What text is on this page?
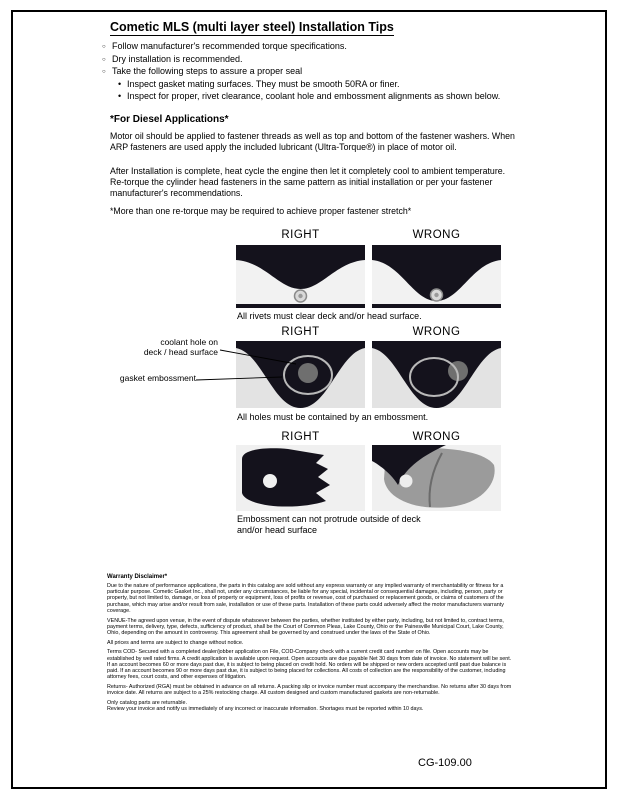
Cometic MLS (multi layer steel) Installation Tips
○ Follow manufacturer's recommended torque specifications.
○ Dry installation is recommended.
○ Take the following steps to assure a proper seal
• Inspect gasket mating surfaces. They must be smooth 50RA or finer.
• Inspect for proper, rivet clearance, coolant hole and embossment alignments as shown below.
*For Diesel Applications*
Motor oil should be applied to fastener threads as well as top and bottom of the fastener washers. When ARP fasteners are used apply the included lubricant (Ultra-Torque®) in place of motor oil.
After Installation is complete, heat cycle the engine then let it completely cool to ambient temperature. Re-torque the cylinder head fasteners in the same pattern as initial installation or per your fastener manufacturer's recommendations.
*More than one re-torque may be required to achieve proper fastener stretch*
RIGHT	WRONG
All rivets must clear deck and/or head surface.
RIGHT	WRONG
coolant hole on
deck / head surface
gasket embossment
All holes must be contained by an embossment.
RIGHT	WRONG
Embossment can not protrude outside of deck
and/or head surface
Warranty Disclaimer*
Due to the nature of performance applications, the parts in this catalog are sold without any express warranty or any implied warranty of merchantability or fitness for a particular purpose. Cometic Gasket Inc., shall not, under any circumstances, be liable for any special, incidental or consequential damages, including, person, party or property, but not limited to, damage, or loss of property or equipment, loss of profits or revenue, cost of purchased or replacement goods, or claims of customers of the purchase, which may arise and/or result from sale, installation or use of these parts. Installation of these parts could adversely affect the motor manufacturers warranty coverage.
VENUE-The agreed upon venue, in the event of dispute whatsoever between the parties, whether instituted by either party, including, but not limited to, contract terms, payment terms, delivery, type, defects, sufficiency of product, shall be the Court of Common Pleas, Lake County, Ohio or the Painesville Municipal Court, Lake County, Ohio, depending on the amount in controversy. This agreement shall be governed by and construed under the laws of the State of Ohio.
All prices and terms are subject to change without notice.
Terms COD- Secured with a completed dealer/jobber application on File, COD-Company check with a current credit card number on file. Open accounts may be established by well rated firms. A credit application is available upon request. Open accounts are due payable Net 30 days from date of invoice. No statement will be sent. If an account becomes 60 or more days past due, it is subject to being placed on credit hold. No orders will be shipped or new orders accepted until past due balance is paid. If an account becomes 90 or more days past due, it is subject to being placed for collections. All costs of collection are the responsibility of the customer, including attorney fees, court costs, and other expenses of litigation.
Returns- Authorized (RGA) must be obtained in advance on all returns. A packing slip or invoice number must accompany the merchandise. No returns after 30 days from invoice date. All returns are subject to a 25% restocking charge. All custom designed and custom manufactured gaskets are non-returnable.
Only catalog parts are returnable.
Review your invoice and notify us immediately of any incorrect or inaccurate information. Shortages must be reported within 10 days.
CG-109.00
